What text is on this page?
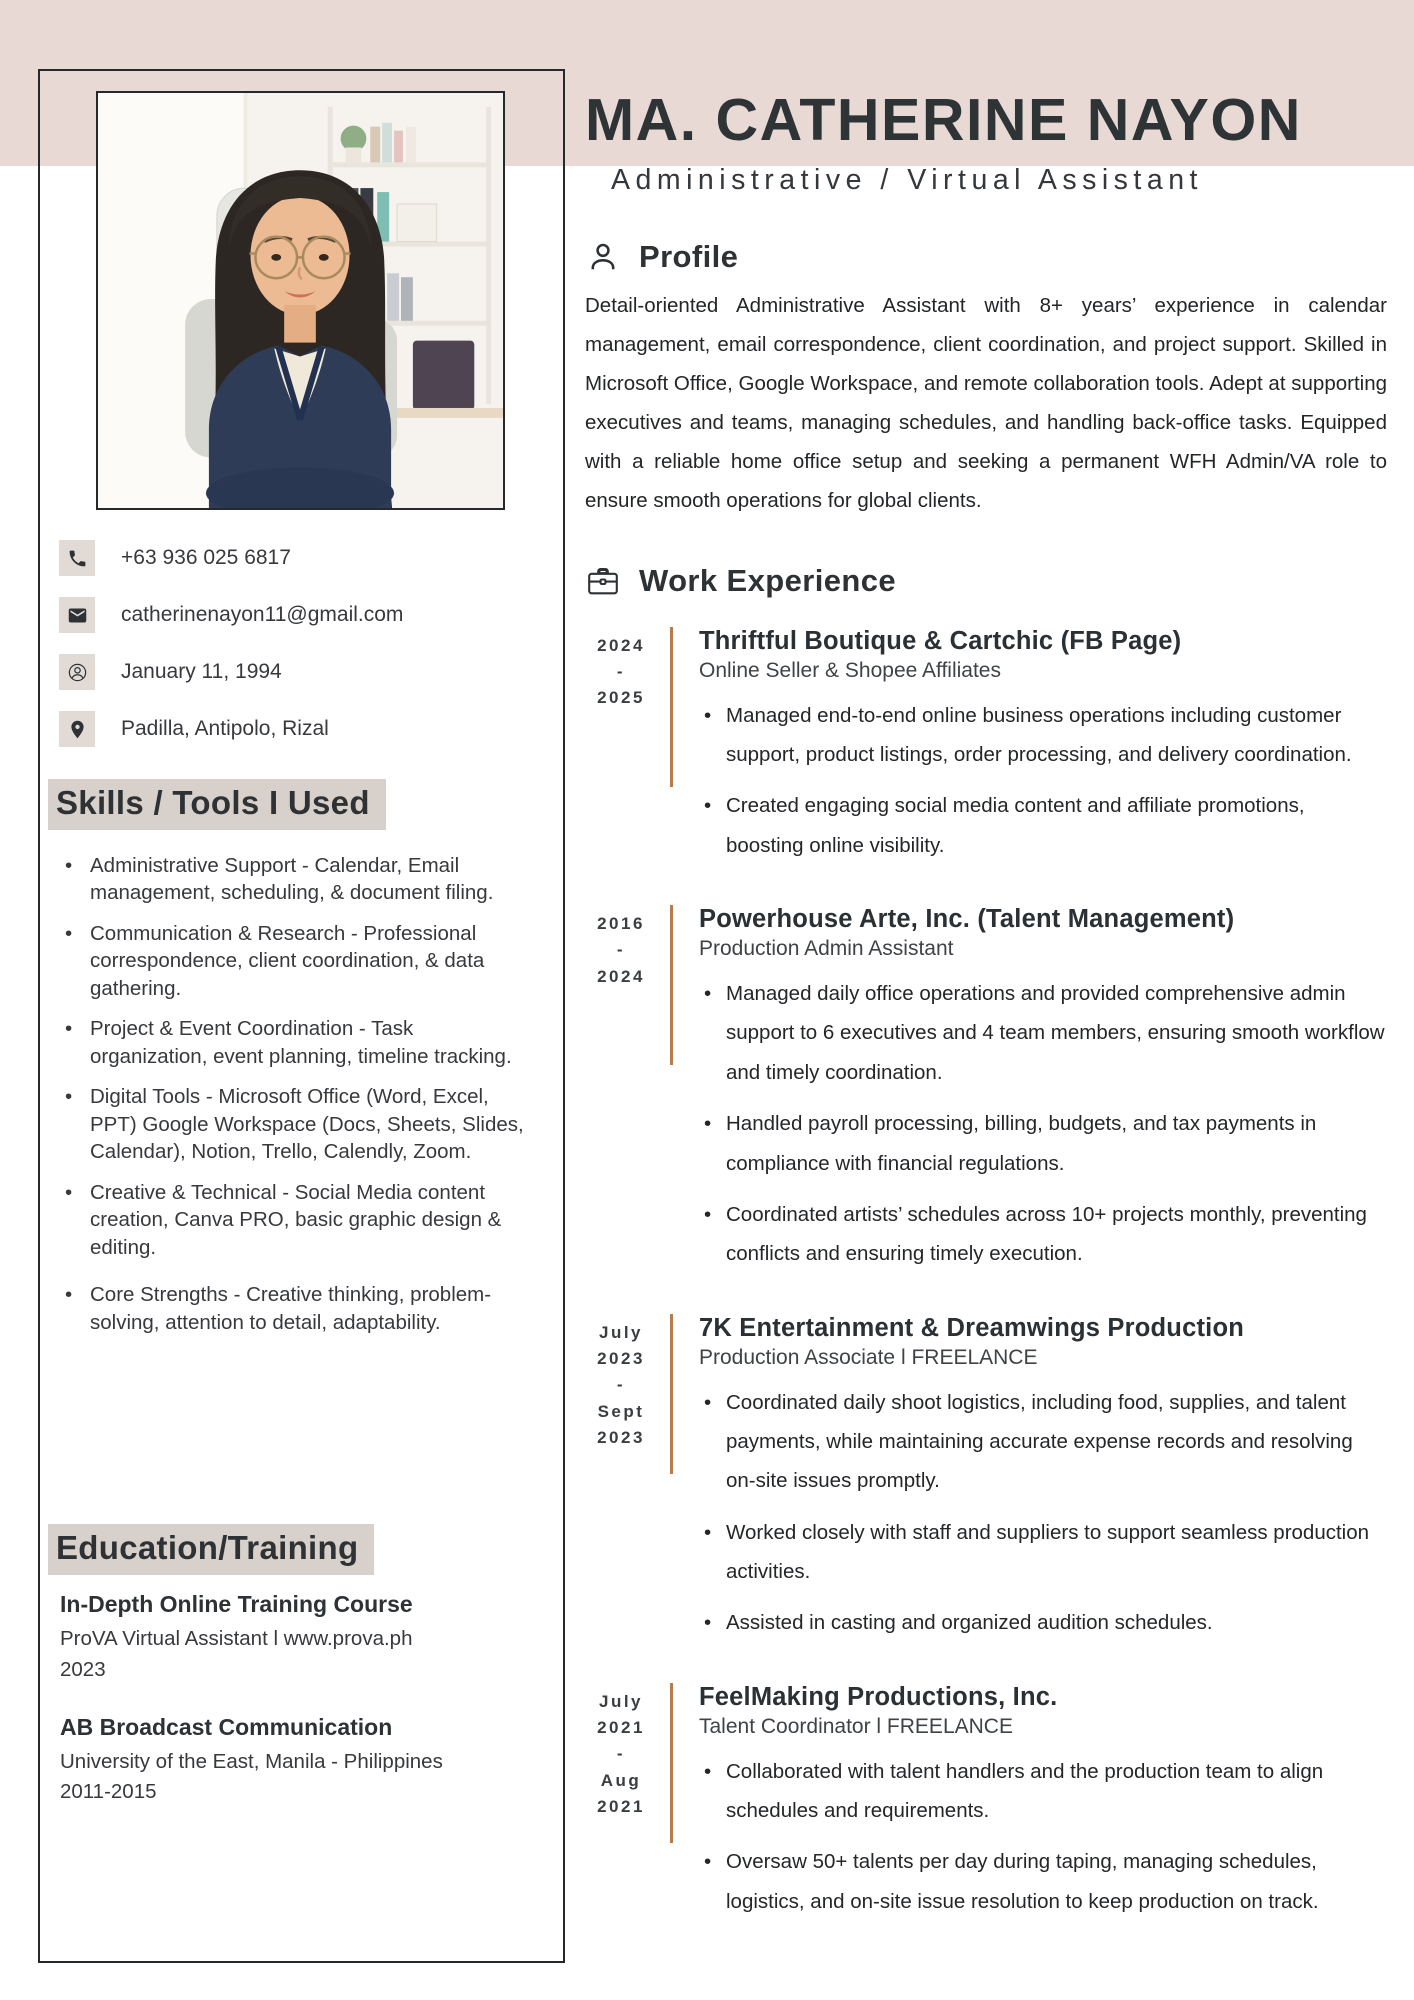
+63 936 025 6817
catherinenayon11@gmail.com
January 11, 1994
Padilla, Antipolo, Rizal
Skills / Tools I Used
• Administrative Support - Calendar, Email management, scheduling, & document filing.
• Communication & Research - Professional correspondence, client coordination, & data gathering.
• Project & Event Coordination - Task organization, event planning, timeline tracking.
• Digital Tools - Microsoft Office (Word, Excel, PPT) Google Workspace (Docs, Sheets, Slides, Calendar), Notion, Trello, Calendly, Zoom.
• Creative & Technical - Social Media content creation, Canva PRO, basic graphic design & editing.
• Core Strengths - Creative thinking, problem-solving, attention to detail, adaptability.
Education/Training
In-Depth Online Training Course
ProVA Virtual Assistant l www.prova.ph
2023
AB Broadcast Communication
University of the East, Manila - Philippines
2011-2015
MA. CATHERINE NAYON
Administrative / Virtual Assistant
Profile

Detail-oriented Administrative Assistant with 8+ years’ experience in calendar management, email correspondence, client coordination, and project support. Skilled in Microsoft Office, Google Workspace, and remote collaboration tools. Adept at supporting executives and teams, managing schedules, and handling back-office tasks. Equipped with a reliable home office setup and seeking a permanent WFH Admin/VA role to ensure smooth operations for global clients.

Work Experience
2024
-
2025
Thriftful Boutique & Cartchic (FB Page)
Online Seller & Shopee Affiliates
• Managed end-to-end online business operations including customer support, product listings, order processing, and delivery coordination.
• Created engaging social media content and affiliate promotions, boosting online visibility.
2016
-
2024
Powerhouse Arte, Inc. (Talent Management)
Production Admin Assistant
• Managed daily office operations and provided comprehensive admin support to 6 executives and 4 team members, ensuring smooth workflow and timely coordination.
• Handled payroll processing, billing, budgets, and tax payments in compliance with financial regulations.
• Coordinated artists’ schedules across 10+ projects monthly, preventing conflicts and ensuring timely execution.
July
2023
-
Sept
2023
7K Entertainment & Dreamwings Production
Production Associate l FREELANCE
• Coordinated daily shoot logistics, including food, supplies, and talent payments, while maintaining accurate expense records and resolving on-site issues promptly.
• Worked closely with staff and suppliers to support seamless production activities.
• Assisted in casting and organized audition schedules.
July
2021
-
Aug
2021
FeelMaking Productions, Inc.
Talent Coordinator l FREELANCE
• Collaborated with talent handlers and the production team to align schedules and requirements.
• Oversaw 50+ talents per day during taping, managing schedules, logistics, and on-site issue resolution to keep production on track.
